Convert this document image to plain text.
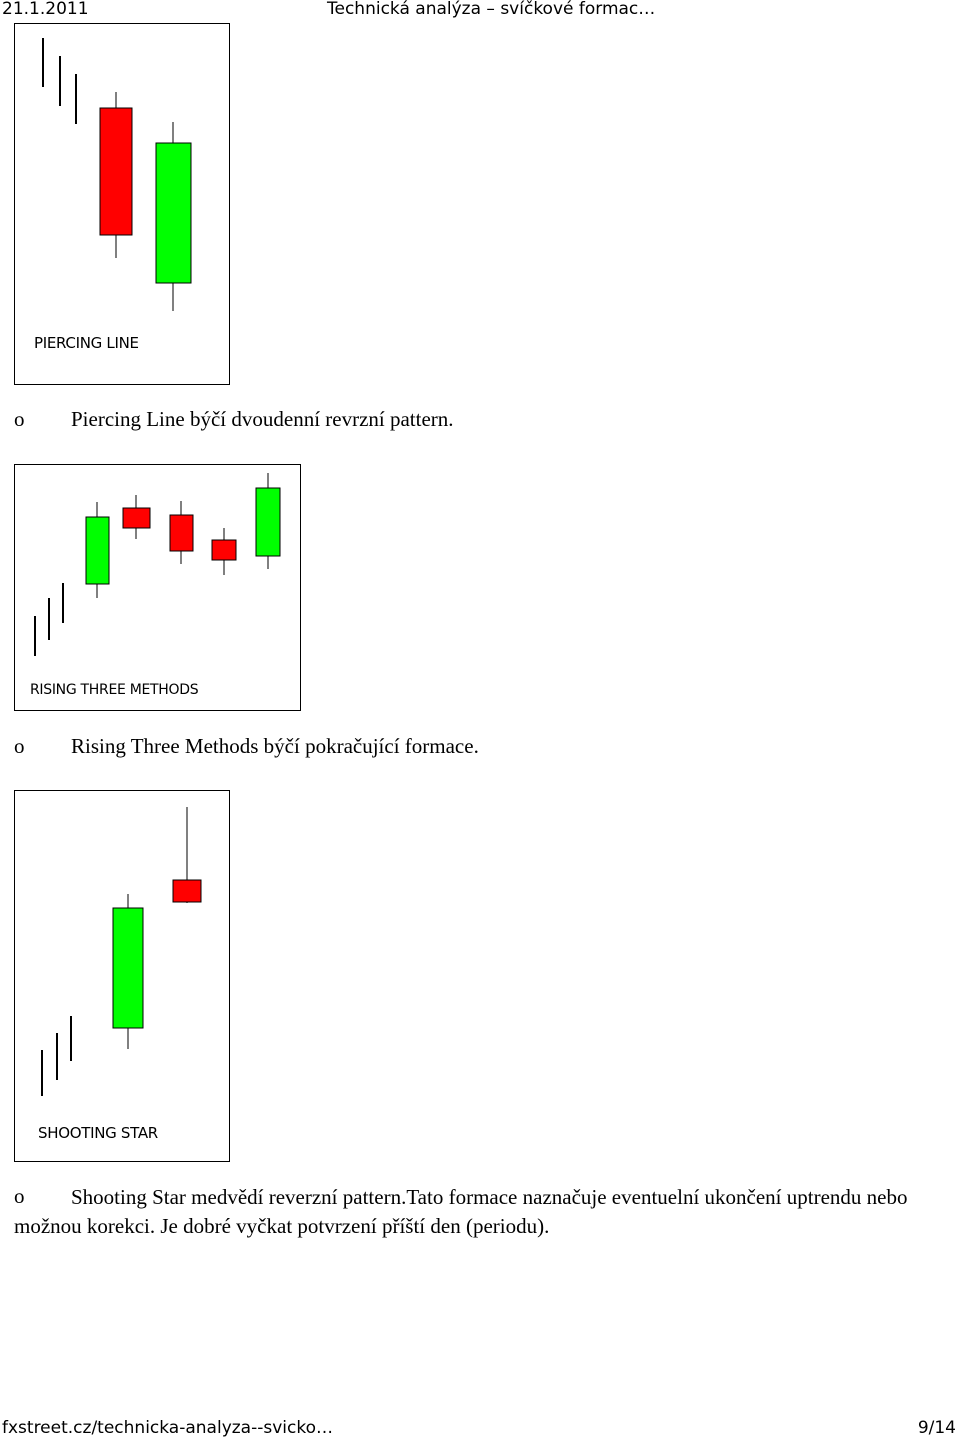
21.1.2011	Technická analýza – svíčkové formac…
PIERCING LINE
o Piercing Line býčí dvoudenní revrzní pattern.
RISING THREE METHODS
o Rising Three Methods býčí pokračující formace.
SHOOTING STAR
o Shooting Star medvědí reverzní pattern.Tato formace naznačuje eventuelní ukončení uptrendu nebo
možnou korekci. Je dobré vyčkat potvrzení příští den (periodu).
fxstreet.cz/technicka-analyza--svicko…	9/14
